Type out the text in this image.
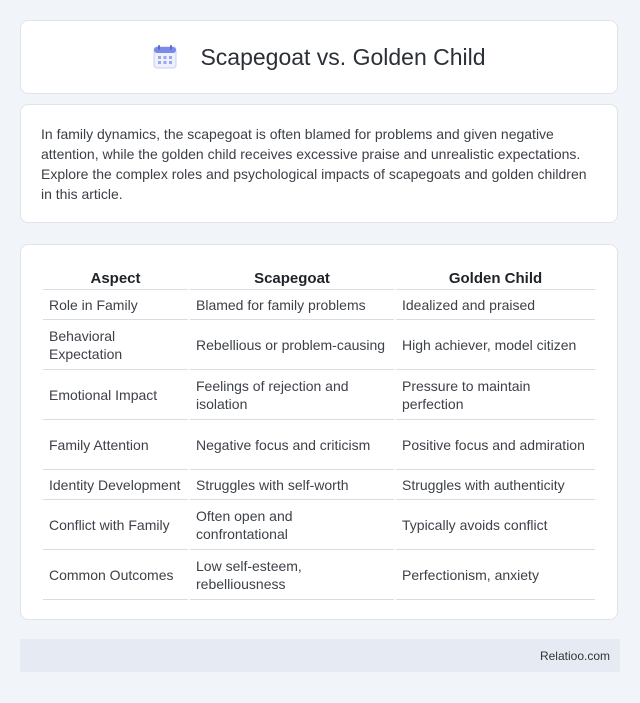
Scapegoat vs. Golden Child

In family dynamics, the scapegoat is often blamed for problems and given negative attention, while the golden child receives excessive praise and unrealistic expectations. Explore the complex roles and psychological impacts of scapegoats and golden children in this article.

Aspect	Scapegoat	Golden Child
Role in Family	Blamed for family problems	Idealized and praised
Behavioral Expectation	Rebellious or problem-causing	High achiever, model citizen
Emotional Impact	Feelings of rejection and isolation	Pressure to maintain perfection
Family Attention	Negative focus and criticism	Positive focus and admiration
Identity Development	Struggles with self-worth	Struggles with authenticity
Conflict with Family	Often open and confrontational	Typically avoids conflict
Common Outcomes	Low self-esteem, rebelliousness	Perfectionism, anxiety
Relatioo.com
